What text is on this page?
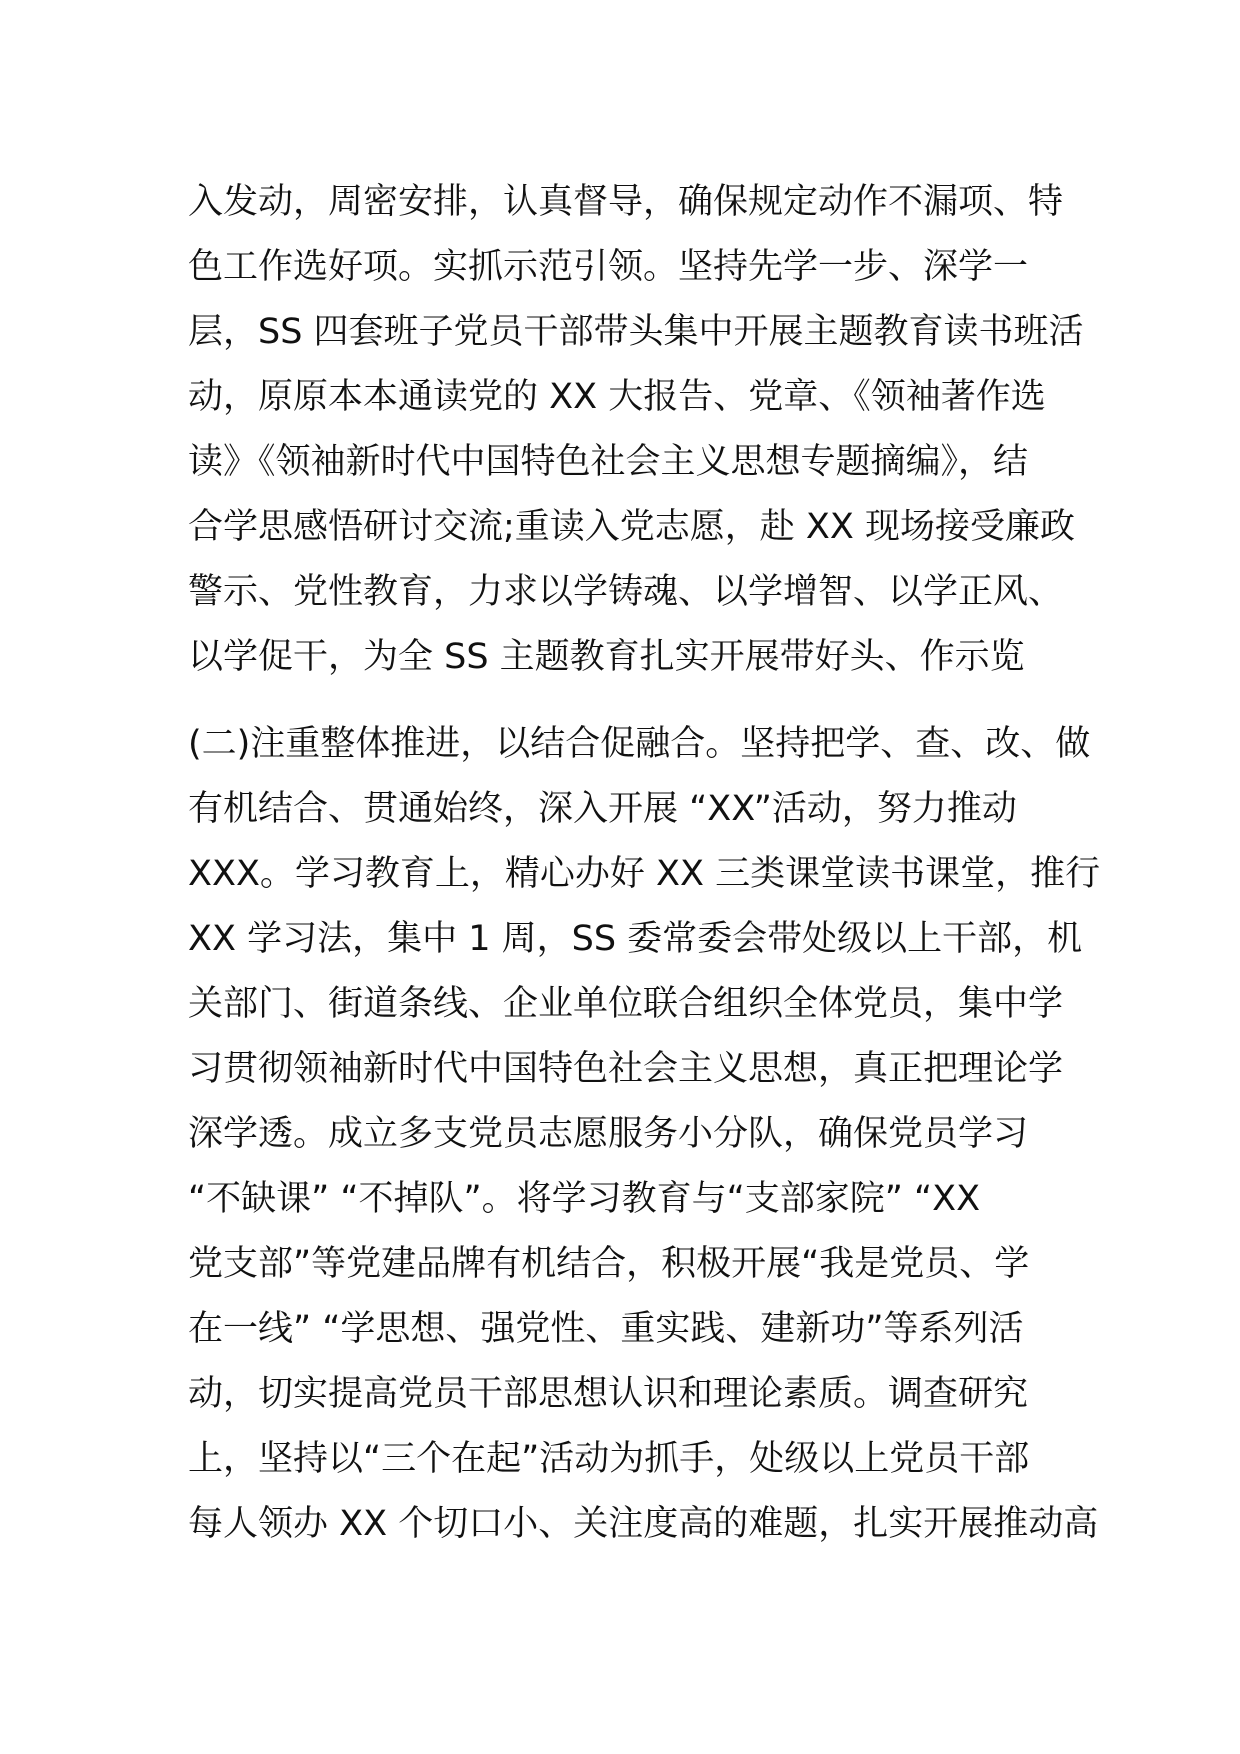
入发动，周密安排，认真督导，确保规定动作不漏项、特
色工作选好项。实抓示范引领。坚持先学一步、深学一
层，SS 四套班子党员干部带头集中开展主题教育读书班活
动，原原本本通读党的 XX 大报告、党章、《领袖著作选
读》《领袖新时代中国特色社会主义思想专题摘编》，结
合学思感悟研讨交流;重读入党志愿，赴 XX 现场接受廉政
警示、党性教育，力求以学铸魂、以学增智、以学正风、
以学促干，为全 SS 主题教育扎实开展带好头、作示览
(二)注重整体推进，以结合促融合。坚持把学、查、改、做
有机结合、贯通始终，深入开展 “XX”活动，努力推动
XXX。学习教育上，精心办好 XX 三类课堂读书课堂，推行
XX 学习法，集中 1 周，SS 委常委会带处级以上干部，机
关部门、街道条线、企业单位联合组织全体党员，集中学
习贯彻领袖新时代中国特色社会主义思想，真正把理论学
深学透。成立多支党员志愿服务小分队，确保党员学习
“不缺课” “不掉队”。将学习教育与“支部家院” “XX
党支部”等党建品牌有机结合，积极开展“我是党员、学
在一线” “学思想、强党性、重实践、建新功”等系列活
动，切实提高党员干部思想认识和理论素质。调查研究
上，坚持以“三个在起”活动为抓手，处级以上党员干部
每人领办 XX 个切口小、关注度高的难题，扎实开展推动高
